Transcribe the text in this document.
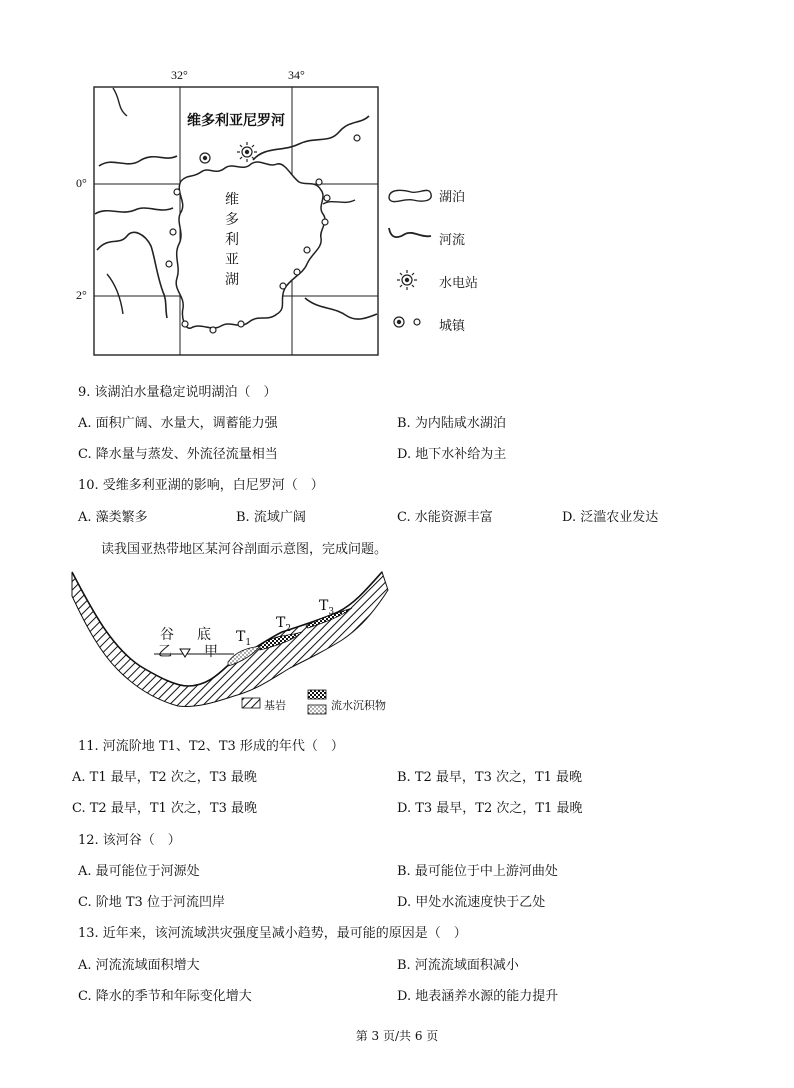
32°	34°
0°
2°
维多利亚尼罗河
维
多
利
亚
湖
湖泊
河流
水电站
城镇
9. 该湖泊水量稳定说明湖泊（　）
A. 面积广阔、水量大，调蓄能力强	B. 为内陆咸水湖泊
C. 降水量与蒸发、外流径流量相当	D. 地下水补给为主
10. 受维多利亚湖的影响，白尼罗河（　）
A. 藻类繁多	B. 流域广阔	C. 水能资源丰富	D. 泛滥农业发达
读我国亚热带地区某河谷剖面示意图，完成问题。
谷 底
乙 甲
$T_1$
$T_2$
$T_3$
基岩	流水沉积物
11. 河流阶地 T1、T2、T3 形成的年代（　）
A. T1 最早，T2 次之，T3 最晚	B. T2 最早，T3 次之，T1 最晚
C. T2 最早，T1 次之，T3 最晚	D. T3 最早，T2 次之，T1 最晚
12. 该河谷（　）
A. 最可能位于河源处	B. 最可能位于中上游河曲处
C. 阶地 T3 位于河流凹岸	D. 甲处水流速度快于乙处
13. 近年来，该河流域洪灾强度呈减小趋势，最可能的原因是（　）
A. 河流流域面积增大	B. 河流流域面积减小
C. 降水的季节和年际变化增大	D. 地表涵养水源的能力提升
第 3 页/共 6 页
